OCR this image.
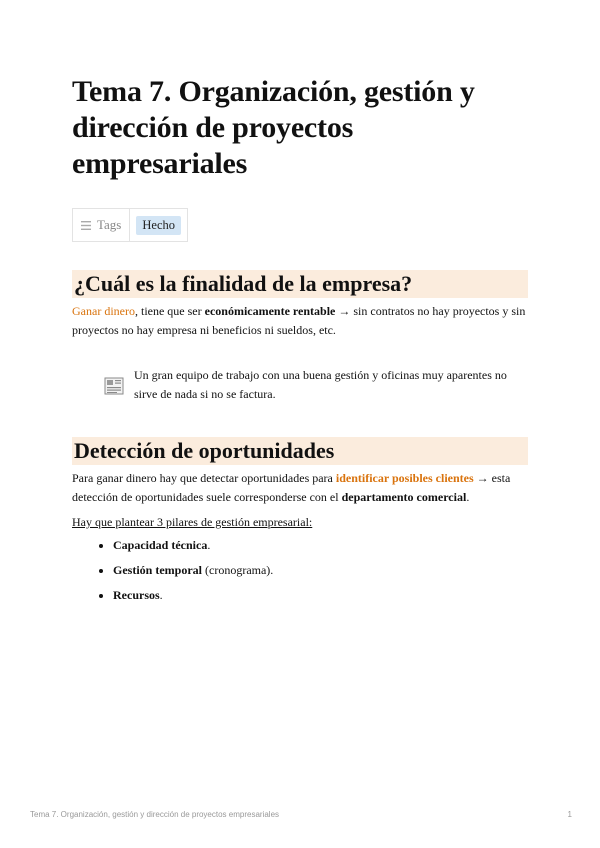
Tema 7. Organización, gestión y dirección de proyectos empresariales
Tags	Hecho
¿Cuál es la finalidad de la empresa?

Ganar dinero, tiene que ser económicamente rentable → sin contratos no hay proyectos y sin proyectos no hay empresa ni beneficios ni sueldos, etc.

Un gran equipo de trabajo con una buena gestión y oficinas muy aparentes no sirve de nada si no se factura.

Detección de oportunidades

Para ganar dinero hay que detectar oportunidades para identificar posibles clientes → esta detección de oportunidades suele corresponderse con el departamento comercial.

Hay que plantear 3 pilares de gestión empresarial:

• Capacidad técnica.
• Gestión temporal (cronograma).
• Recursos.
Tema 7. Organización, gestión y dirección de proyectos empresariales	1
